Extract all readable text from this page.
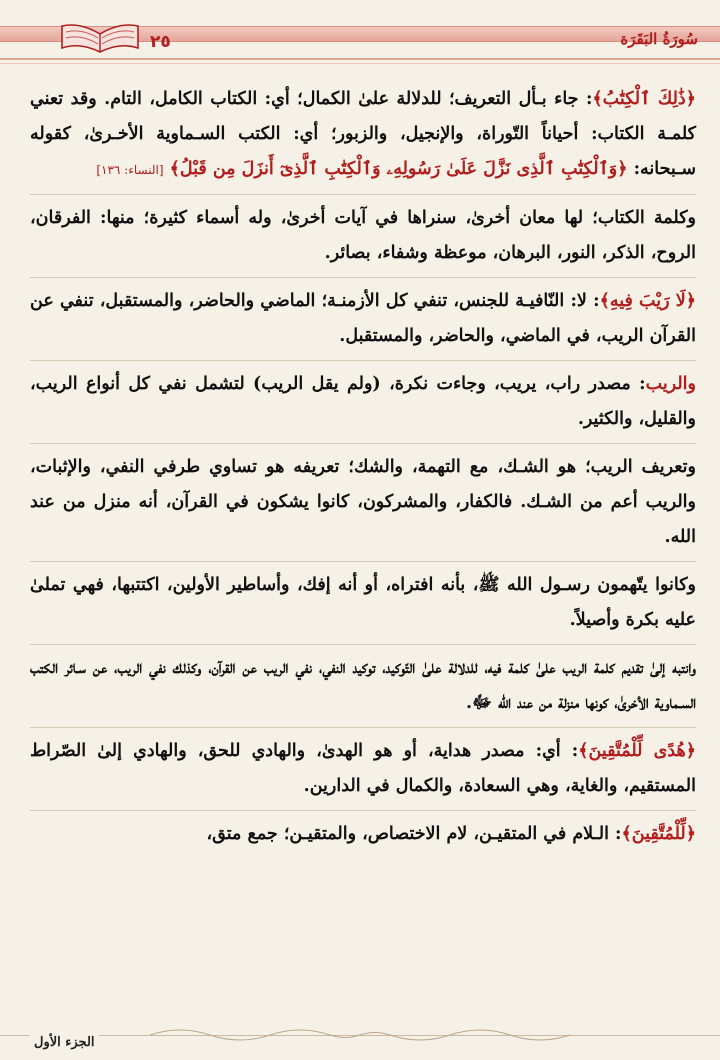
٢٥	سُورَةُ البَقَرَة

﴿ذَٰلِكَ ٱلْكِتَٰبُ﴾: جاء بـأل التعريف؛ للدلالة علىٰ الكمال؛ أي: الكتاب الكامل، التام. وقد تعني كلمـة الكتاب: أحياناً التّوراة، والإنجيل، والزبور؛ أي: الكتب السـماوية الأخـرىٰ، كقوله سـبحانه: ﴿وَٱلْكِتَٰبِ ٱلَّذِى نَزَّلَ عَلَىٰ رَسُولِهِۦ وَٱلْكِتَٰبِ ٱلَّذِىٓ أَنزَلَ مِن قَبْلُ﴾ [النساء: ١٣٦]

وكلمة الكتاب؛ لها معان أخرىٰ، سنراها في آيات أخرىٰ، وله أسماء كثيرة؛ منها: الفرقان، الروح، الذكر، النور، البرهان، موعظة وشفاء، بصائر.

﴿لَا رَيْبَ فِيهِ﴾: لا: النّافيـة للجنس، تنفي كل الأزمنـة؛ الماضي والحاضر، والمستقبل، تنفي عن القرآن الريب، في الماضي، والحاضر، والمستقبل.

والريب: مصدر راب، يريب، وجاءت نكرة، (ولم يقل الريب) لتشمل نفي كل أنواع الريب، والقليل، والكثير.

وتعريف الريب؛ هو الشـك، مع التهمة، والشك؛ تعريفه هو تساوي طرفي النفي، والإثبات، والريب أعم من الشـك. فالكفار، والمشركون، كانوا يشكون في القرآن، أنه منزل من عند الله.

وكانوا يتّهمون رسـول الله ﷺ، بأنه افتراه، أو أنه إفك، وأساطير الأولين، اكتتبها، فهي تملىٰ عليه بكرة وأصيلاً.

وانتبه إلىٰ تقديم كلمة الريب علىٰ كلمة فيه، للدلالة علىٰ التّوكيد، توكيد النفي، نفي الريب عن القرآن، وكذلك نفي الريب، عن سـائر الكتب السـماوية الأخرىٰ، كونها منزلة من عند الله ﷻ.

﴿هُدًى لِّلْمُتَّقِينَ﴾: أي: مصدر هداية، أو هو الهدىٰ، والهادي للحق، والهادي إلىٰ الصّراط المستقيم، والغاية، وهي السعادة، والكمال في الدارين.

﴿لِّلْمُتَّقِينَ﴾: الـلام في المتقيـن، لام الاختصاص، والمتقيـن؛ جمع متق،

الجزء الأول
